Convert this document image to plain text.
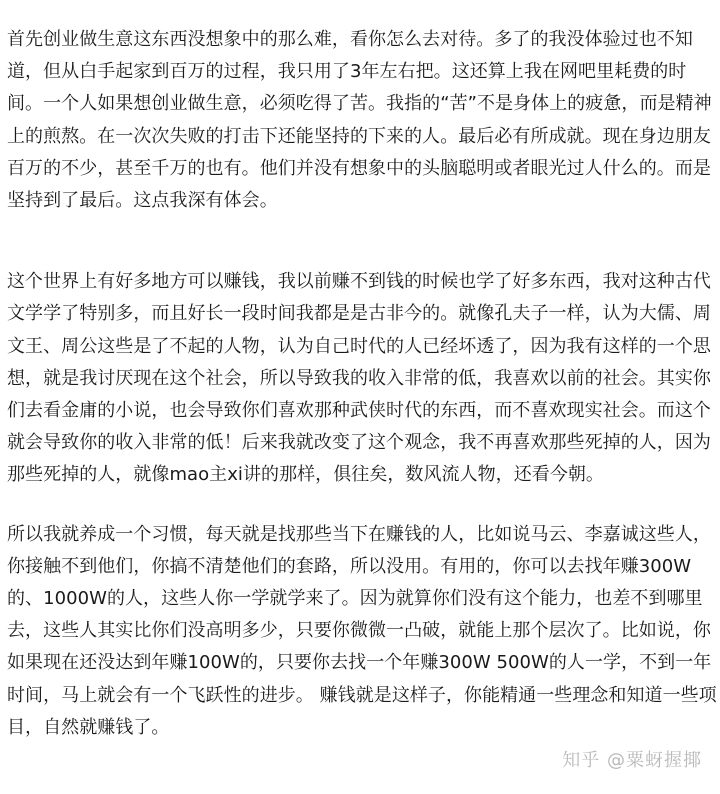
首先创业做生意这东西没想象中的那么难，看你怎么去对待。多了的我没体验过也不知道，但从白手起家到百万的过程，我只用了3年左右把。这还算上我在网吧里耗费的时间。一个人如果想创业做生意，必须吃得了苦。我指的“苦”不是身体上的疲惫，而是精神上的煎熬。在一次次失败的打击下还能坚持的下来的人。最后必有所成就。现在身边朋友百万的不少，甚至千万的也有。他们并没有想象中的头脑聪明或者眼光过人什么的。而是坚持到了最后。这点我深有体会。

这个世界上有好多地方可以赚钱，我以前赚不到钱的时候也学了好多东西，我对这种古代文学学了特别多，而且好长一段时间我都是是古非今的。就像孔夫子一样，认为大儒、周文王、周公这些是了不起的人物，认为自己时代的人已经坏透了，因为我有这样的一个思想，就是我讨厌现在这个社会，所以导致我的收入非常的低，我喜欢以前的社会。其实你们去看金庸的小说，也会导致你们喜欢那种武侠时代的东西，而不喜欢现实社会。而这个就会导致你的收入非常的低！后来我就改变了这个观念，我不再喜欢那些死掉的人，因为那些死掉的人，就像mao主xi讲的那样，俱往矣，数风流人物，还看今朝。

所以我就养成一个习惯，每天就是找那些当下在赚钱的人，比如说马云、李嘉诚这些人，你接触不到他们，你搞不清楚他们的套路，所以没用。有用的，你可以去找年赚300W的、1000W的人，这些人你一学就学来了。因为就算你们没有这个能力，也差不到哪里去，这些人其实比你们没高明多少，只要你微微一凸破，就能上那个层次了。比如说，你如果现在还没达到年赚100W的，只要你去找一个年赚300W 500W的人一学，不到一年时间，马上就会有一个飞跃性的进步。 赚钱就是这样子，你能精通一些理念和知道一些项目，自然就赚钱了。

知乎 @粟蚜握揶
